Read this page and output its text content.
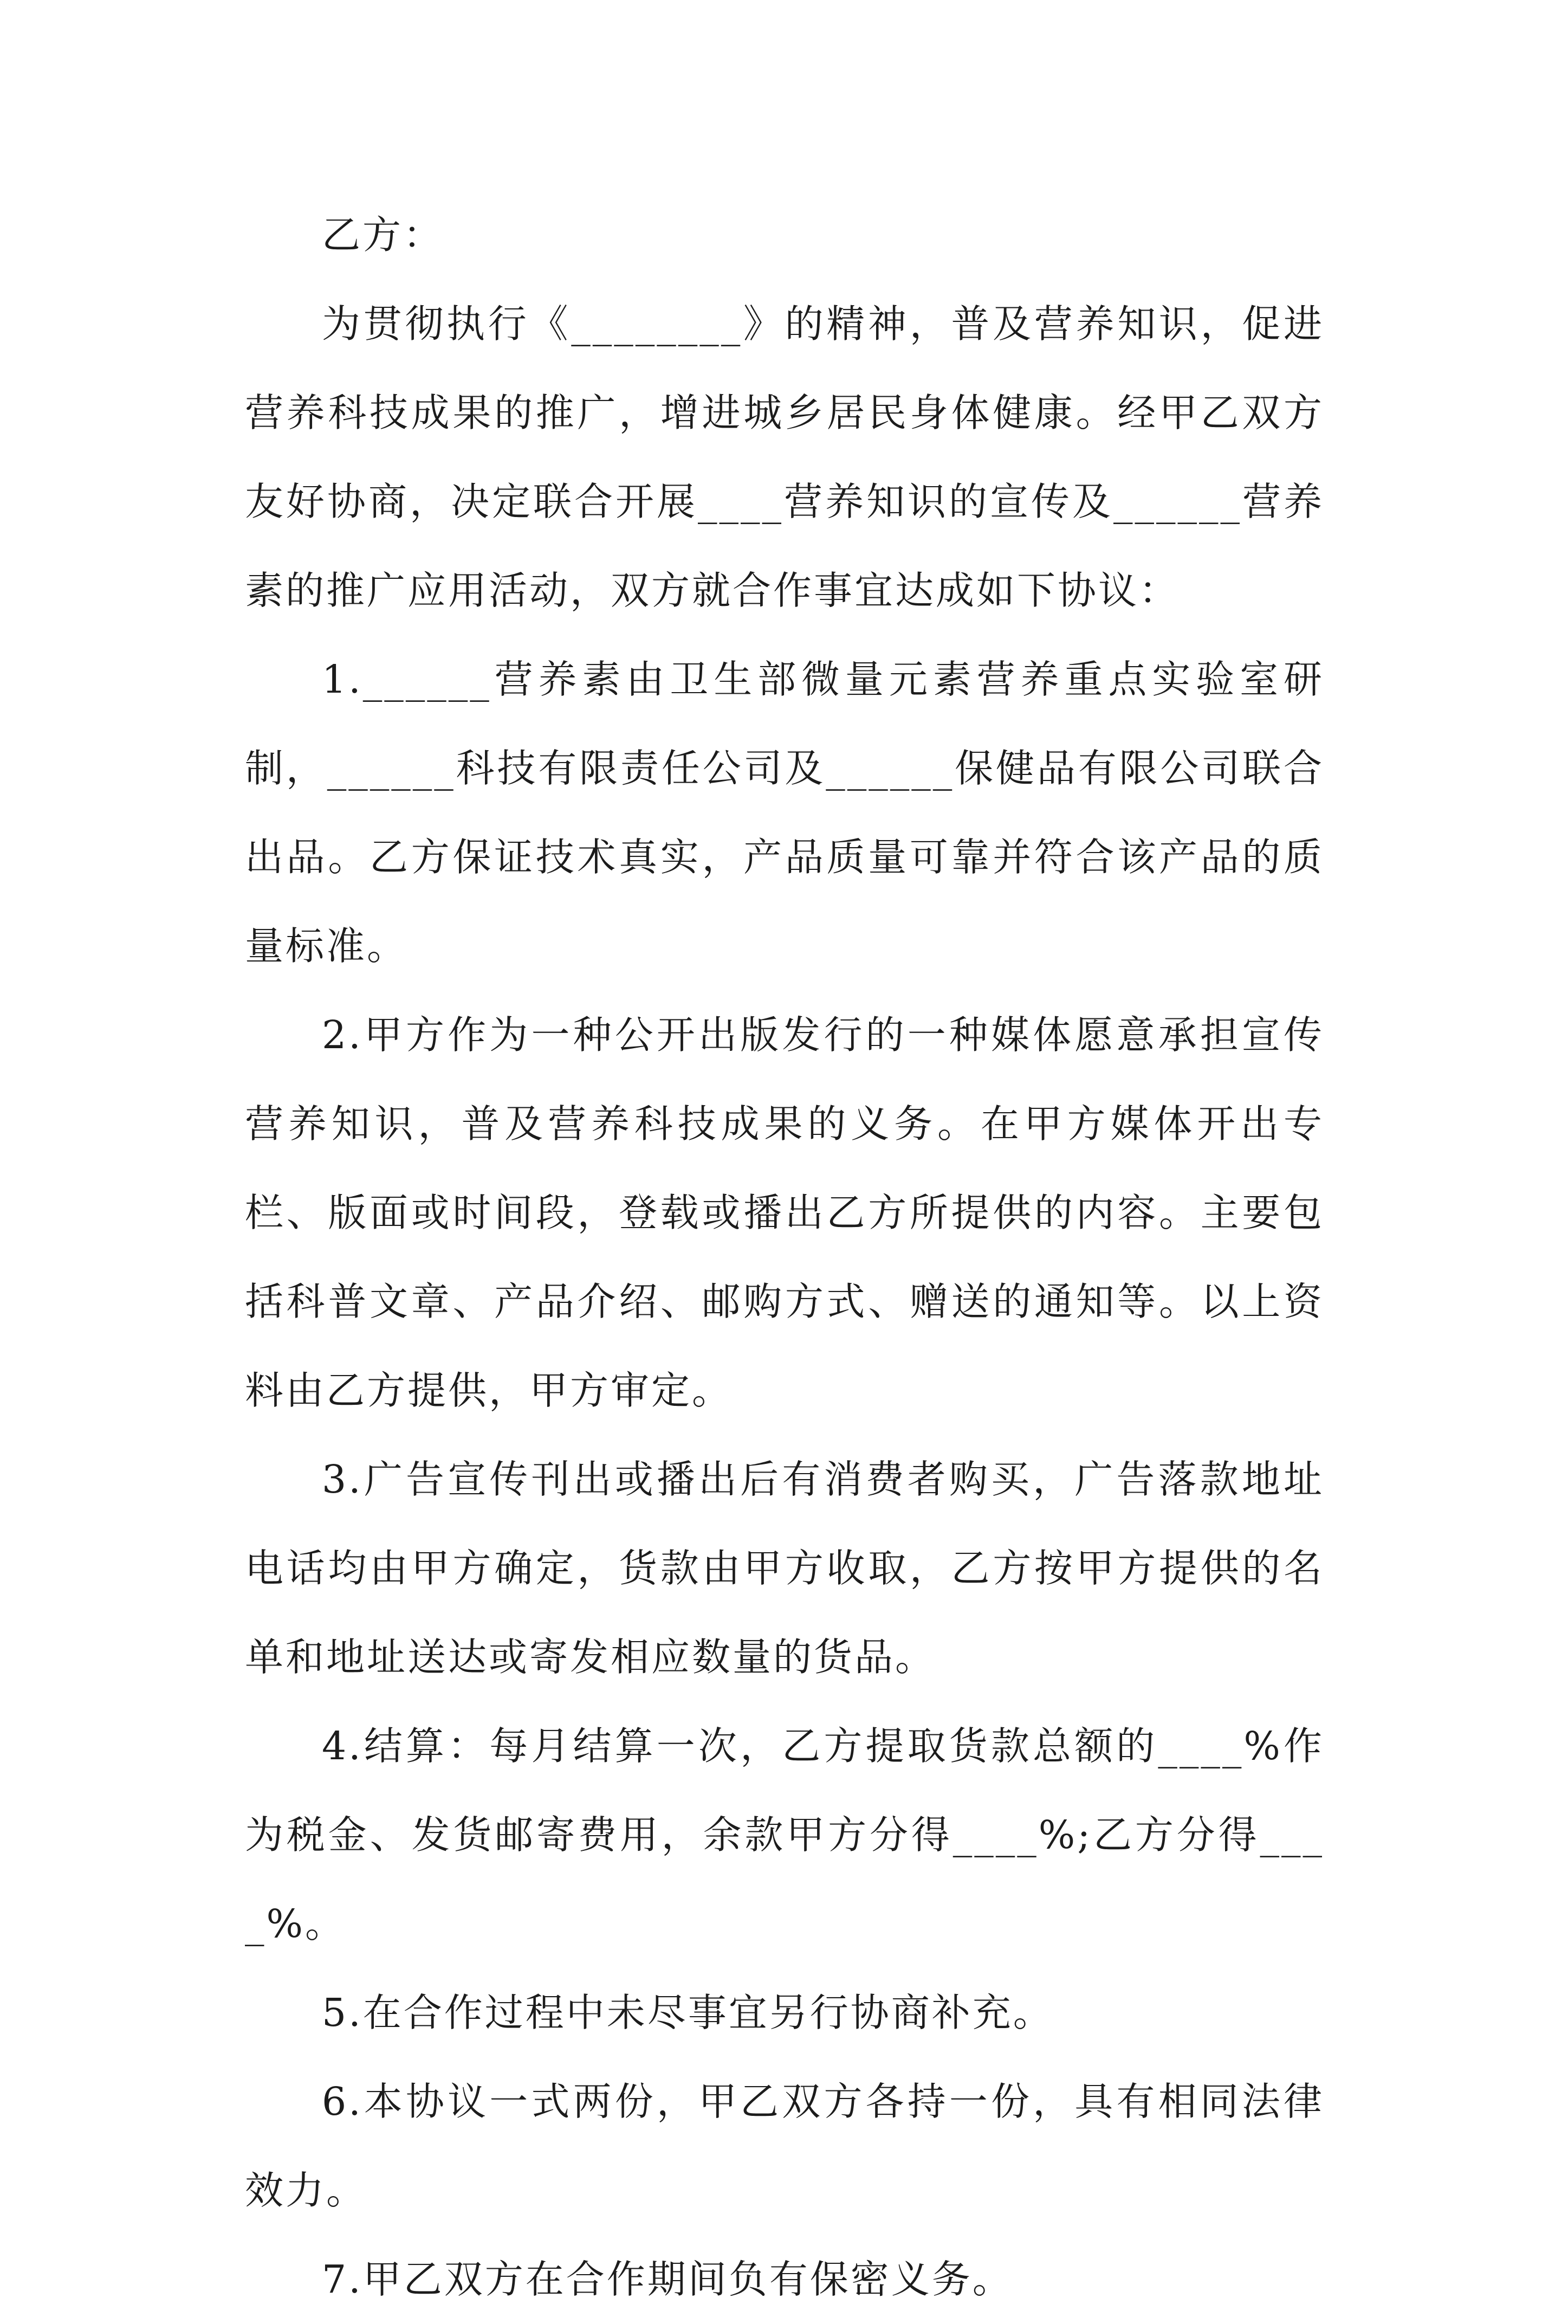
乙方：

为贯彻执行《________》的精神，普及营养知识，促进营养科技成果的推广，增进城乡居民身体健康。经甲乙双方友好协商，决定联合开展____营养知识的宣传及______营养素的推广应用活动，双方就合作事宜达成如下协议：

1.______营养素由卫生部微量元素营养重点实验室研制，______科技有限责任公司及______保健品有限公司联合出品。乙方保证技术真实，产品质量可靠并符合该产品的质量标准。

2.甲方作为一种公开出版发行的一种媒体愿意承担宣传营养知识，普及营养科技成果的义务。在甲方媒体开出专栏、版面或时间段，登载或播出乙方所提供的内容。主要包括科普文章、产品介绍、邮购方式、赠送的通知等。以上资料由乙方提供，甲方审定。

3.广告宣传刊出或播出后有消费者购买，广告落款地址电话均由甲方确定，货款由甲方收取，乙方按甲方提供的名单和地址送达或寄发相应数量的货品。

4.结算：每月结算一次，乙方提取货款总额的____%作为税金、发货邮寄费用，余款甲方分得____%;乙方分得____%。

5.在合作过程中未尽事宜另行协商补充。

6.本协议一式两份，甲乙双方各持一份，具有相同法律效力。

7.甲乙双方在合作期间负有保密义务。
